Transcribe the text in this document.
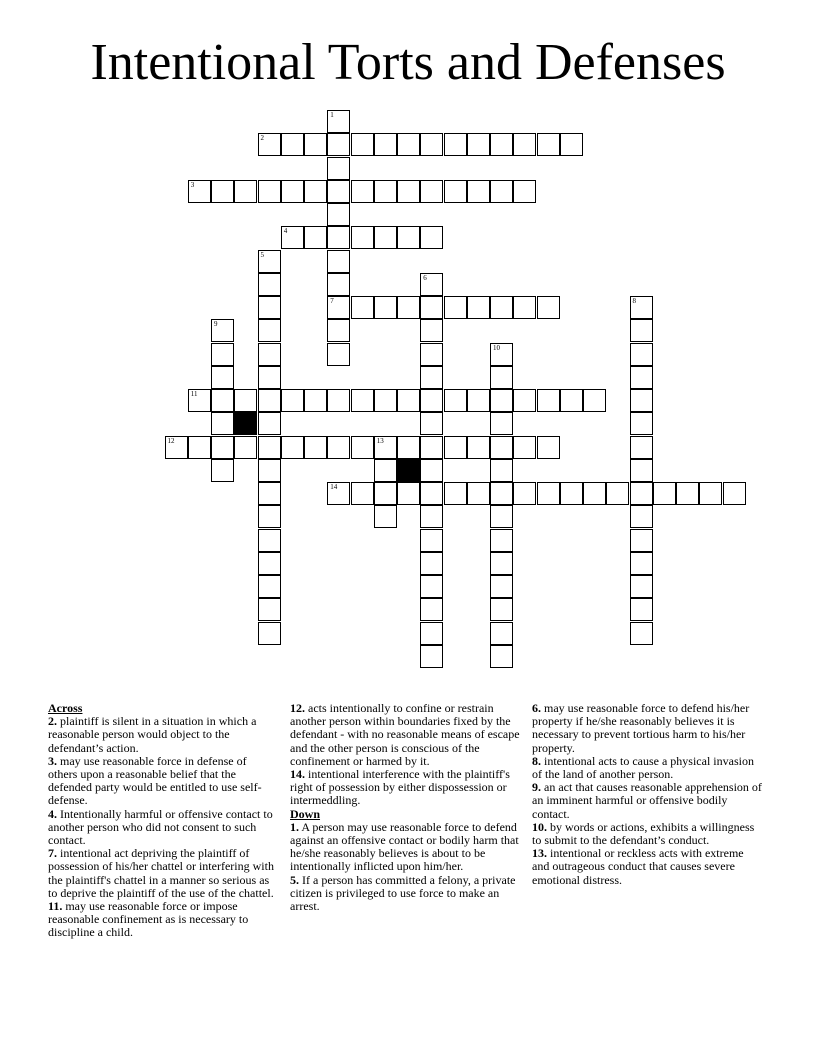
Intentional Torts and Defenses
1
7
2
3
4
5
6
8
9
10
11
12	13
14

Across

2. plaintiff is silent in a situation in which a reasonable person would object to the defendant’s action.

3. may use reasonable force in defense of others upon a reasonable belief that the defended party would be entitled to use self-defense.

4. Intentionally harmful or offensive contact to another person who did not consent to such contact.

7. intentional act depriving the plaintiff of possession of his/her chattel or interfering with the plaintiff's chattel in a manner so serious as to deprive the plaintiff of the use of the chattel.

11. may use reasonable force or impose reasonable confinement as is necessary to discipline a child.

12. acts intentionally to confine or restrain another person within boundaries fixed by the defendant - with no reasonable means of escape and the other person is conscious of the confinement or harmed by it.

14. intentional interference with the plaintiff's right of possession by either dispossession or intermeddling.

Down

1. A person may use reasonable force to defend against an offensive contact or bodily harm that he/she reasonably believes is about to be intentionally inflicted upon him/her.

5. If a person has committed a felony, a private citizen is privileged to use force to make an arrest.

6. may use reasonable force to defend his/her property if he/she reasonably believes it is necessary to prevent tortious harm to his/her property.

8. intentional acts to cause a physical invasion of the land of another person.

9. an act that causes reasonable apprehension of an imminent harmful or offensive bodily contact.

10. by words or actions, exhibits a willingness to submit to the defendant’s conduct.

13. intentional or reckless acts with extreme and outrageous conduct that causes severe emotional distress.
